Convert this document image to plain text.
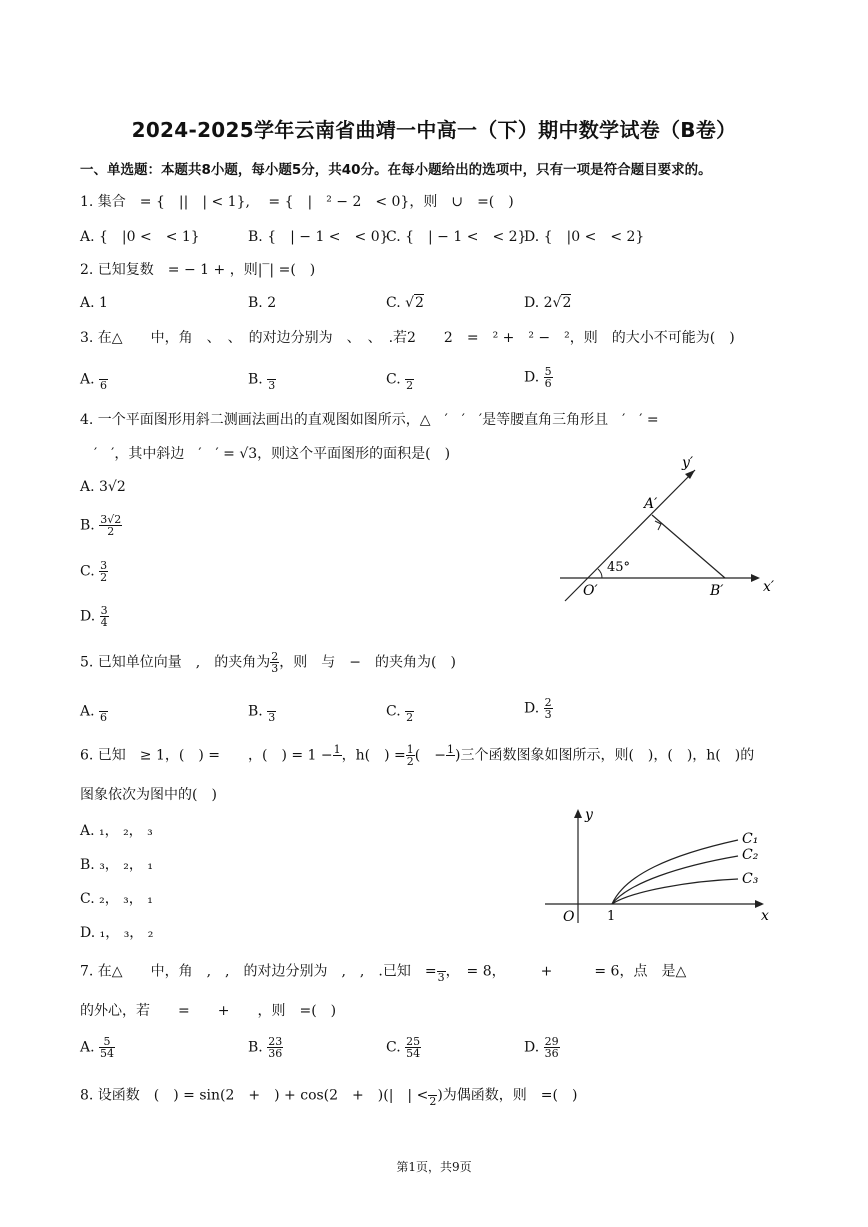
2024-2025学年云南省曲靖一中高一（下）期中数学试卷（B卷）
一、单选题：本题共8小题，每小题5分，共40分。在每小题给出的选项中，只有一项是符合题目要求的。
1. 集合　= {　||　| < 1},　 = {　|　² − 2　< 0}，则　∪　=(　)
A. {　|0 <　< 1}	B. {　| − 1 <　< 0}
C. {　| − 1 <　< 2}
D. {　|0 <　< 2}
2. 已知复数　= − 1 + ，则|‾| =(　)
A. 1	B. 2	C. √2	D. 2√2
3. 在△　　中，角　、　、　的对边分别为　、　、　.若2　　2　=　² +　² −　²，则　的大小不可能为(　)
A. 6	B. 3	C. 2	D. $\frac{5}{6}$
4. 一个平面图形用斜二测画法画出的直观图如图所示，△　′　′　′是等腰直角三角形且　′　′ =
　′　′，其中斜边　′　′ = √3，则这个平面图形的面积是(　)
A. 3√2
B. $\frac{3√2}{2}$
C. $\frac{3}{2}$
D. $\frac{3}{4}$
y′
A′
45°
O′	B′	x′
5. 已知单位向量　,　的夹角为 $\frac{2}{3}$ ，则　与　−　的夹角为(　)
A. 6	B. 3	C. 2
D. $\frac{2}{3}$
6. 已知　≥ 1，(　) =　　，(　) = 1 − 1 ，h(　) = $\frac{1}{2}$ (　− 1 )三个函数图象如图所示，则(　)，(　)，h(　)的
图象依次为图中的(　)
A. ₁， ₂， ₃
B. ₃， ₂， ₁
C. ₂， ₃， ₁
D. ₁， ₃， ₂
y
O	1	x
C₁
C₂
C₃
7. 在△　　中，角　,　,　的对边分别为　,　,　.已知　= 3 ，　= 8，　　　+　　　= 6，点　是△
的外心，若　　=　　+　　，则　=(　)
A. $\frac{5}{54}$	B. $\frac{23}{36}$	C. $\frac{25}{54}$	D. $\frac{29}{36}$
8. 设函数　(　) = sin(2　+　) + cos(2　+　)(|　| < 2 )为偶函数，则　=(　)
第1页，共9页
